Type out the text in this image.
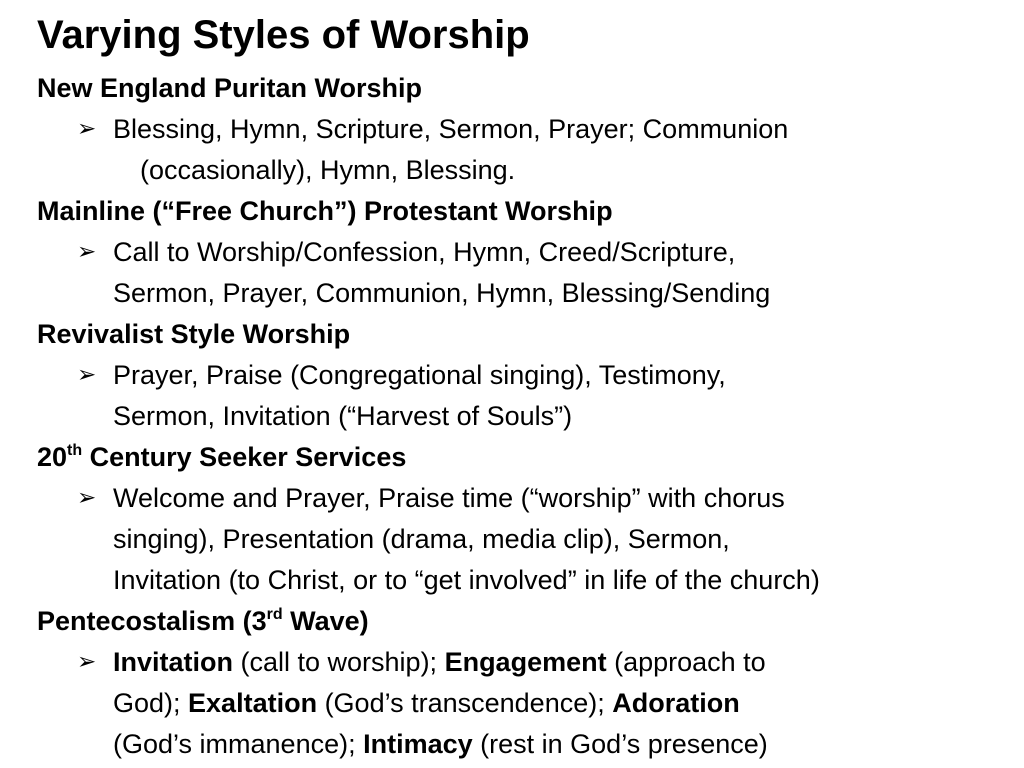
Varying Styles of Worship
New England Puritan Worship
➢ Blessing, Hymn, Scripture, Sermon, Prayer; Communion
(occasionally), Hymn, Blessing.
Mainline (“Free Church”) Protestant Worship
➢ Call to Worship/Confession, Hymn, Creed/Scripture,
Sermon, Prayer, Communion, Hymn, Blessing/Sending
Revivalist Style Worship
➢ Prayer, Praise (Congregational singing), Testimony,
Sermon, Invitation (“Harvest of Souls”)
20th Century Seeker Services
➢ Welcome and Prayer, Praise time (“worship” with chorus
singing), Presentation (drama, media clip), Sermon,
Invitation (to Christ, or to “get involved” in life of the church)
Pentecostalism (3rd Wave)
➢ Invitation (call to worship); Engagement (approach to
God); Exaltation (God’s transcendence); Adoration
(God’s immanence); Intimacy (rest in God’s presence)
